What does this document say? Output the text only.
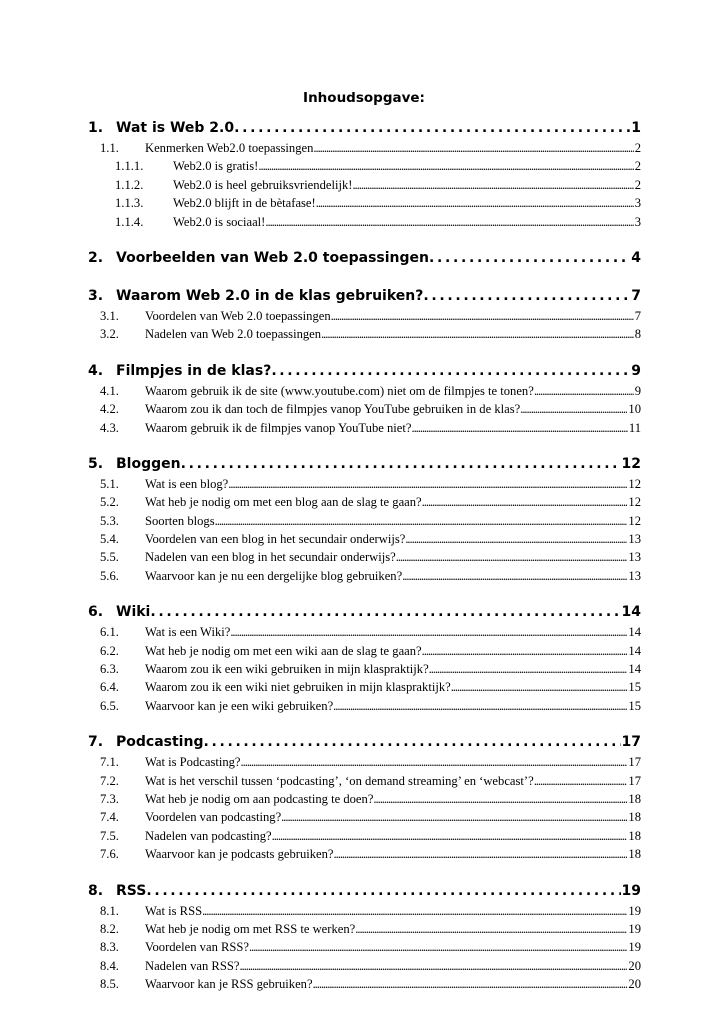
Inhoudsopgave:
1. Wat is Web 2.0 . . .	1
1.1.	Kenmerken Web2.0 toepassingen . . .	2
1.1.1.	Web2.0 is gratis! . . .	2
1.1.2.	Web2.0 is heel gebruiksvriendelijk! . . .	2
1.1.3.	Web2.0 blijft in de bètafase! . . .	3
1.1.4.	Web2.0 is sociaal! . . .	3
2. Voorbeelden van Web 2.0 toepassingen . . .	4
3. Waarom Web 2.0 in de klas gebruiken? . . .	7
3.1.	Voordelen van Web 2.0 toepassingen . . .	7
3.2.	Nadelen van Web 2.0 toepassingen . . .	8
4. Filmpjes in de klas? . . .	9
4.1.	Waarom gebruik ik de site (www.youtube.com) niet om de filmpjes te tonen? . . .	9
4.2.	Waarom zou ik dan toch de filmpjes vanop YouTube gebruiken in de klas? . . .	10
4.3.	Waarom gebruik ik de filmpjes vanop YouTube niet? . . .	11
5. Bloggen . . .	12
5.1.	Wat is een blog? . . .	12
5.2.	Wat heb je nodig om met een blog aan de slag te gaan? . . .	12
5.3.	Soorten blogs . . .	12
5.4.	Voordelen van een blog in het secundair onderwijs? . . .	13
5.5.	Nadelen van een blog in het secundair onderwijs? . . .	13
5.6.	Waarvoor kan je nu een dergelijke blog gebruiken? . . .	13
6. Wiki . . .	14
6.1.	Wat is een Wiki? . . .	14
6.2.	Wat heb je nodig om met een wiki aan de slag te gaan? . . .	14
6.3.	Waarom zou ik een wiki gebruiken in mijn klaspraktijk? . . .	14
6.4.	Waarom zou ik een wiki niet gebruiken in mijn klaspraktijk? . . .	15
6.5.	Waarvoor kan je een wiki gebruiken? . . .	15
7. Podcasting . . .	17
7.1.	Wat is Podcasting? . . .	17
7.2.	Wat is het verschil tussen ‘podcasting’, ‘on demand streaming’ en ‘webcast’? . . .	17
7.3.	Wat heb je nodig om aan podcasting te doen? . . .	18
7.4.	Voordelen van podcasting? . . .	18
7.5.	Nadelen van podcasting? . . .	18
7.6.	Waarvoor kan je podcasts gebruiken? . . .	18
8. RSS . . .	19
8.1.	Wat is RSS . . .	19
8.2.	Wat heb je nodig om met RSS te werken? . . .	19
8.3.	Voordelen van RSS? . . .	19
8.4.	Nadelen van RSS? . . .	20
8.5.	Waarvoor kan je RSS gebruiken? . . .	20
